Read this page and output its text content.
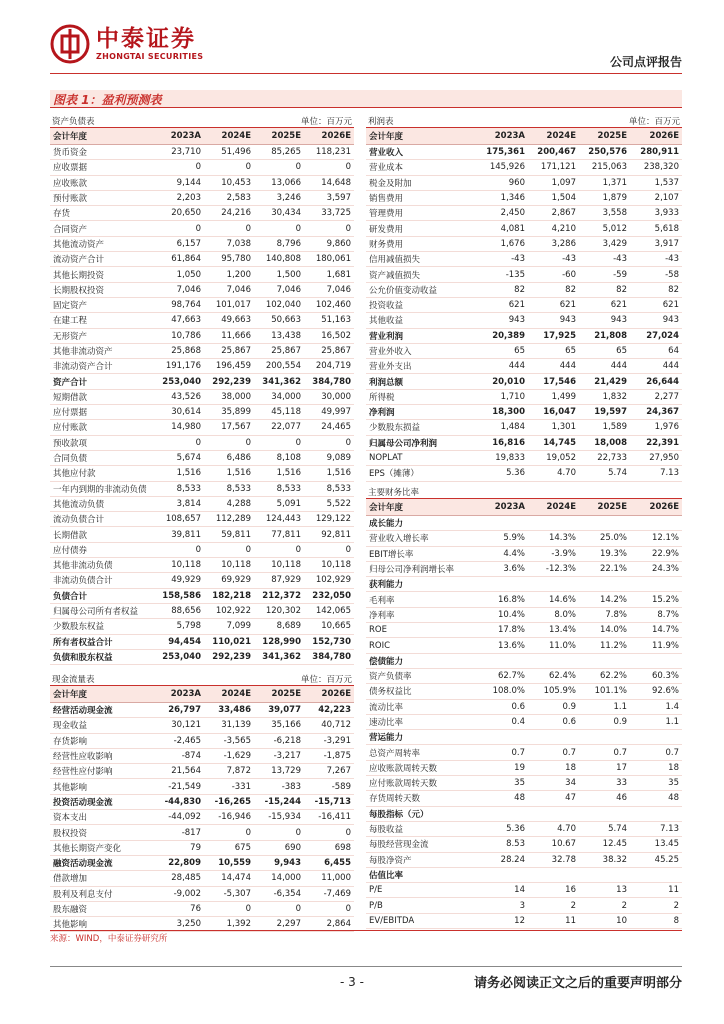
中泰证券
ZHONGTAI SECURITIES	公司点评报告
图表 1：盈利预测表
资产负债表	单位：百万元
会计年度	2023A	2024E	2025E	2026E
货币资金	23,710	51,496	85,265	118,231
应收票据	0	0	0	0
应收账款	9,144	10,453	13,066	14,648
预付账款	2,203	2,583	3,246	3,597
存货	20,650	24,216	30,434	33,725
合同资产	0	0	0	0
其他流动资产	6,157	7,038	8,796	9,860
流动资产合计	61,864	95,780	140,808	180,061
其他长期投资	1,050	1,200	1,500	1,681
长期股权投资	7,046	7,046	7,046	7,046
固定资产	98,764	101,017	102,040	102,460
在建工程	47,663	49,663	50,663	51,163
无形资产	10,786	11,666	13,438	16,502
其他非流动资产	25,868	25,867	25,867	25,867
非流动资产合计	191,176	196,459	200,554	204,719
资产合计	253,040	292,239	341,362	384,780
短期借款	43,526	38,000	34,000	30,000
应付票据	30,614	35,899	45,118	49,997
应付账款	14,980	17,567	22,077	24,465
预收款项	0	0	0	0
合同负债	5,674	6,486	8,108	9,089
其他应付款	1,516	1,516	1,516	1,516
一年内到期的非流动负债	8,533	8,533	8,533	8,533
其他流动负债	3,814	4,288	5,091	5,522
流动负债合计	108,657	112,289	124,443	129,122
长期借款	39,811	59,811	77,811	92,811
应付债券	0	0	0	0
其他非流动负债	10,118	10,118	10,118	10,118
非流动负债合计	49,929	69,929	87,929	102,929
负债合计	158,586	182,218	212,372	232,050
归属母公司所有者权益	88,656	102,922	120,302	142,065
少数股东权益	5,798	7,099	8,689	10,665
所有者权益合计	94,454	110,021	128,990	152,730
负债和股东权益	253,040	292,239	341,362	384,780
利润表	单位：百万元
会计年度	2023A	2024E	2025E	2026E
营业收入	175,361	200,467	250,576	280,911
营业成本	145,926	171,121	215,063	238,320
税金及附加	960	1,097	1,371	1,537
销售费用	1,346	1,504	1,879	2,107
管理费用	2,450	2,867	3,558	3,933
研发费用	4,081	4,210	5,012	5,618
财务费用	1,676	3,286	3,429	3,917
信用减值损失	-43	-43	-43	-43
资产减值损失	-135	-60	-59	-58
公允价值变动收益	82	82	82	82
投资收益	621	621	621	621
其他收益	943	943	943	943
营业利润	20,389	17,925	21,808	27,024
营业外收入	65	65	65	64
营业外支出	444	444	444	444
利润总额	20,010	17,546	21,429	26,644
所得税	1,710	1,499	1,832	2,277
净利润	18,300	16,047	19,597	24,367
少数股东损益	1,484	1,301	1,589	1,976
归属母公司净利润	16,816	14,745	18,008	22,391
NOPLAT	19,833	19,052	22,733	27,950
EPS（摊薄）	5.36	4.70	5.74	7.13
主要财务比率
会计年度	2023A	2024E	2025E	2026E
成长能力
营业收入增长率	5.9%	14.3%	25.0%	12.1%
EBIT增长率	4.4%	-3.9%	19.3%	22.9%
归母公司净利润增长率	3.6%	-12.3%	22.1%	24.3%
获利能力
毛利率	16.8%	14.6%	14.2%	15.2%
净利率	10.4%	8.0%	7.8%	8.7%
ROE	17.8%	13.4%	14.0%	14.7%
ROIC	13.6%	11.0%	11.2%	11.9%
偿债能力
资产负债率	62.7%	62.4%	62.2%	60.3%
债务权益比	108.0%	105.9%	101.1%	92.6%
流动比率	0.6	0.9	1.1	1.4
速动比率	0.4	0.6	0.9	1.1
营运能力
总资产周转率	0.7	0.7	0.7	0.7
应收账款周转天数	19	18	17	18
应付账款周转天数	35	34	33	35
存货周转天数	48	47	46	48
每股指标（元）
每股收益	5.36	4.70	5.74	7.13
每股经营现金流	8.53	10.67	12.45	13.45
每股净资产	28.24	32.78	38.32	45.25
估值比率
P/E	14	16	13	11
P/B	3	2	2	2
EV/EBITDA	12	11	10	8
现金流量表	单位：百万元
会计年度	2023A	2024E	2025E	2026E
经营活动现金流	26,797	33,486	39,077	42,223
现金收益	30,121	31,139	35,166	40,712
存货影响	-2,465	-3,565	-6,218	-3,291
经营性应收影响	-874	-1,629	-3,217	-1,875
经营性应付影响	21,564	7,872	13,729	7,267
其他影响	-21,549	-331	-383	-589
投资活动现金流	-44,830	-16,265	-15,244	-15,713
资本支出	-44,092	-16,946	-15,934	-16,411
股权投资	-817	0	0	0
其他长期资产变化	79	675	690	698
融资活动现金流	22,809	10,559	9,943	6,455
借款增加	28,485	14,474	14,000	11,000
股利及利息支付	-9,002	-5,307	-6,354	-7,469
股东融资	76	0	0	0
其他影响	3,250	1,392	2,297	2,864
来源：WIND，中泰证券研究所
- 3 -	请务必阅读正文之后的重要声明部分
